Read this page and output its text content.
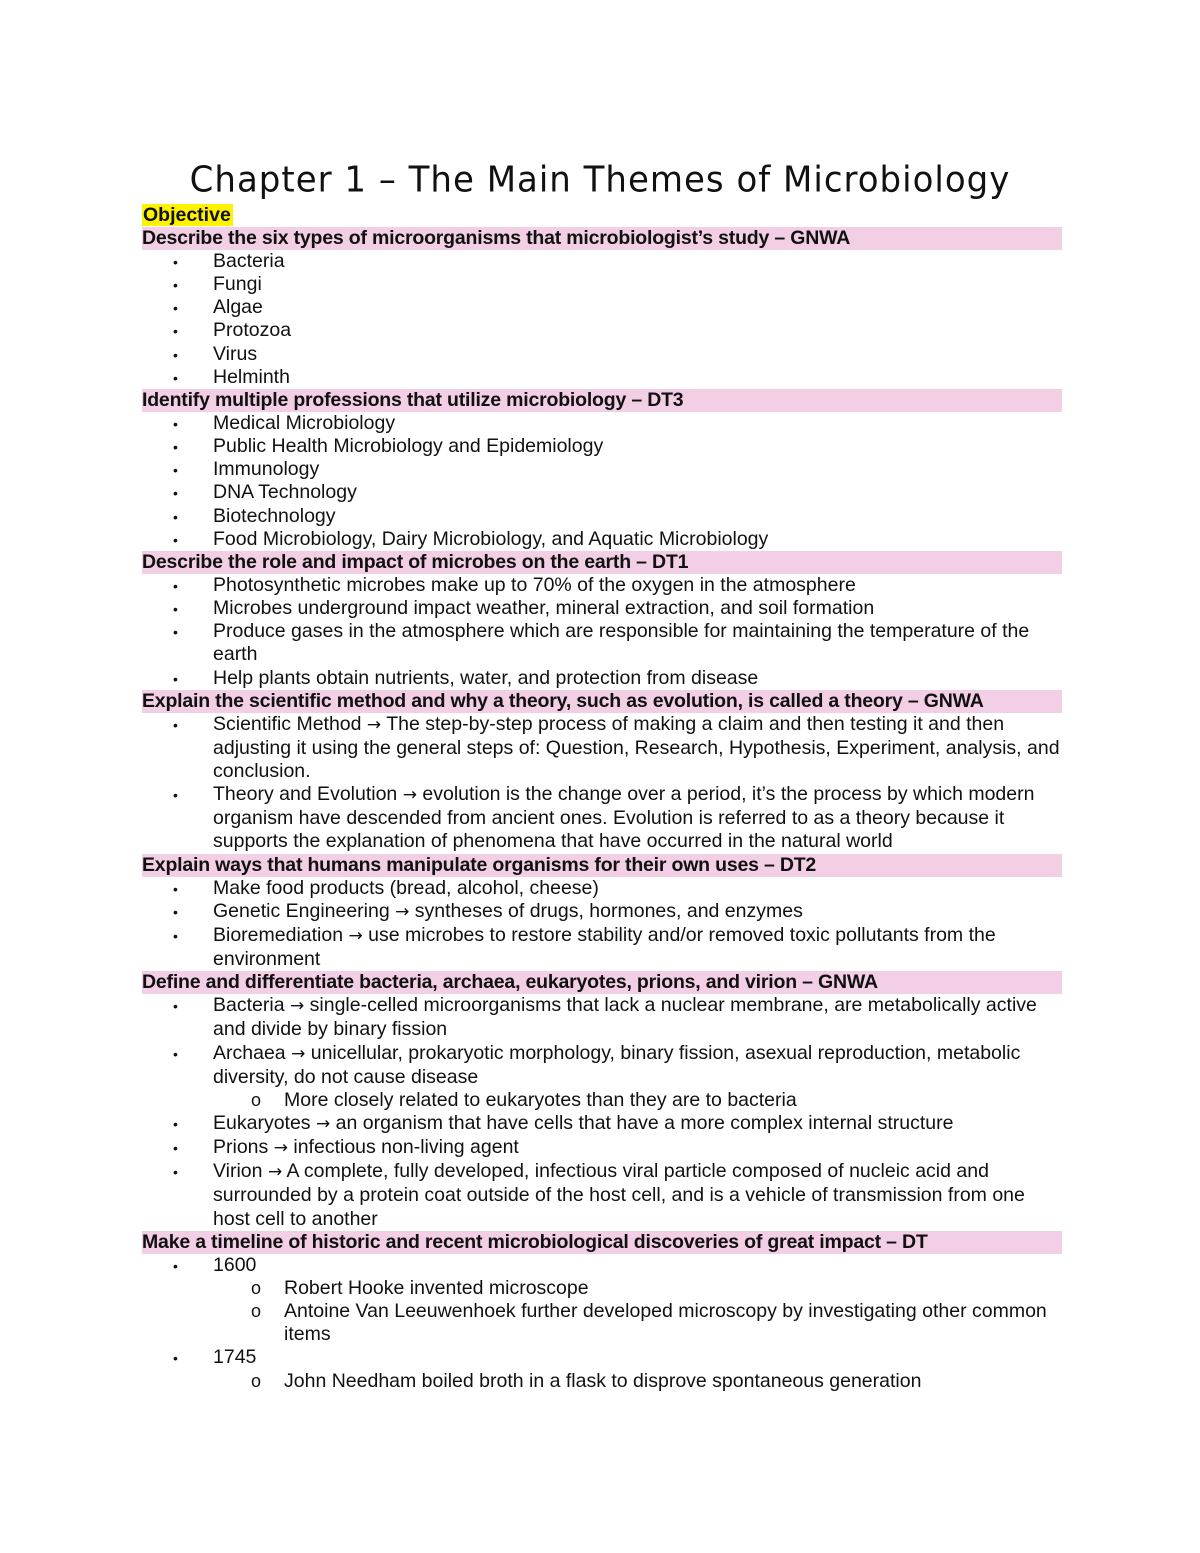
Chapter 1 – The Main Themes of Microbiology
Objective
Describe the six types of microorganisms that microbiologist’s study – GNWA
• Bacteria
• Fungi
• Algae
• Protozoa
• Virus
• Helminth
Identify multiple professions that utilize microbiology – DT3
• Medical Microbiology
• Public Health Microbiology and Epidemiology
• Immunology
• DNA Technology
• Biotechnology
• Food Microbiology, Dairy Microbiology, and Aquatic Microbiology
Describe the role and impact of microbes on the earth – DT1
• Photosynthetic microbes make up to 70% of the oxygen in the atmosphere
• Microbes underground impact weather, mineral extraction, and soil formation
• Produce gases in the atmosphere which are responsible for maintaining the temperature of the earth
• Help plants obtain nutrients, water, and protection from disease
Explain the scientific method and why a theory, such as evolution, is called a theory – GNWA
• Scientific Method → The step-by-step process of making a claim and then testing it and then adjusting it using the general steps of: Question, Research, Hypothesis, Experiment, analysis, and conclusion.
• Theory and Evolution → evolution is the change over a period, it’s the process by which modern organism have descended from ancient ones. Evolution is referred to as a theory because it supports the explanation of phenomena that have occurred in the natural world
Explain ways that humans manipulate organisms for their own uses – DT2
• Make food products (bread, alcohol, cheese)
• Genetic Engineering → syntheses of drugs, hormones, and enzymes
• Bioremediation → use microbes to restore stability and/or removed toxic pollutants from the environment
Define and differentiate bacteria, archaea, eukaryotes, prions, and virion – GNWA
• Bacteria → single-celled microorganisms that lack a nuclear membrane, are metabolically active and divide by binary fission
• Archaea → unicellular, prokaryotic morphology, binary fission, asexual reproduction, metabolic diversity, do not cause disease
o More closely related to eukaryotes than they are to bacteria
• Eukaryotes → an organism that have cells that have a more complex internal structure
• Prions → infectious non-living agent
• Virion → A complete, fully developed, infectious viral particle composed of nucleic acid and surrounded by a protein coat outside of the host cell, and is a vehicle of transmission from one host cell to another
Make a timeline of historic and recent microbiological discoveries of great impact – DT
• 1600
o Robert Hooke invented microscope
o Antoine Van Leeuwenhoek further developed microscopy by investigating other common items
• 1745
o John Needham boiled broth in a flask to disprove spontaneous generation
